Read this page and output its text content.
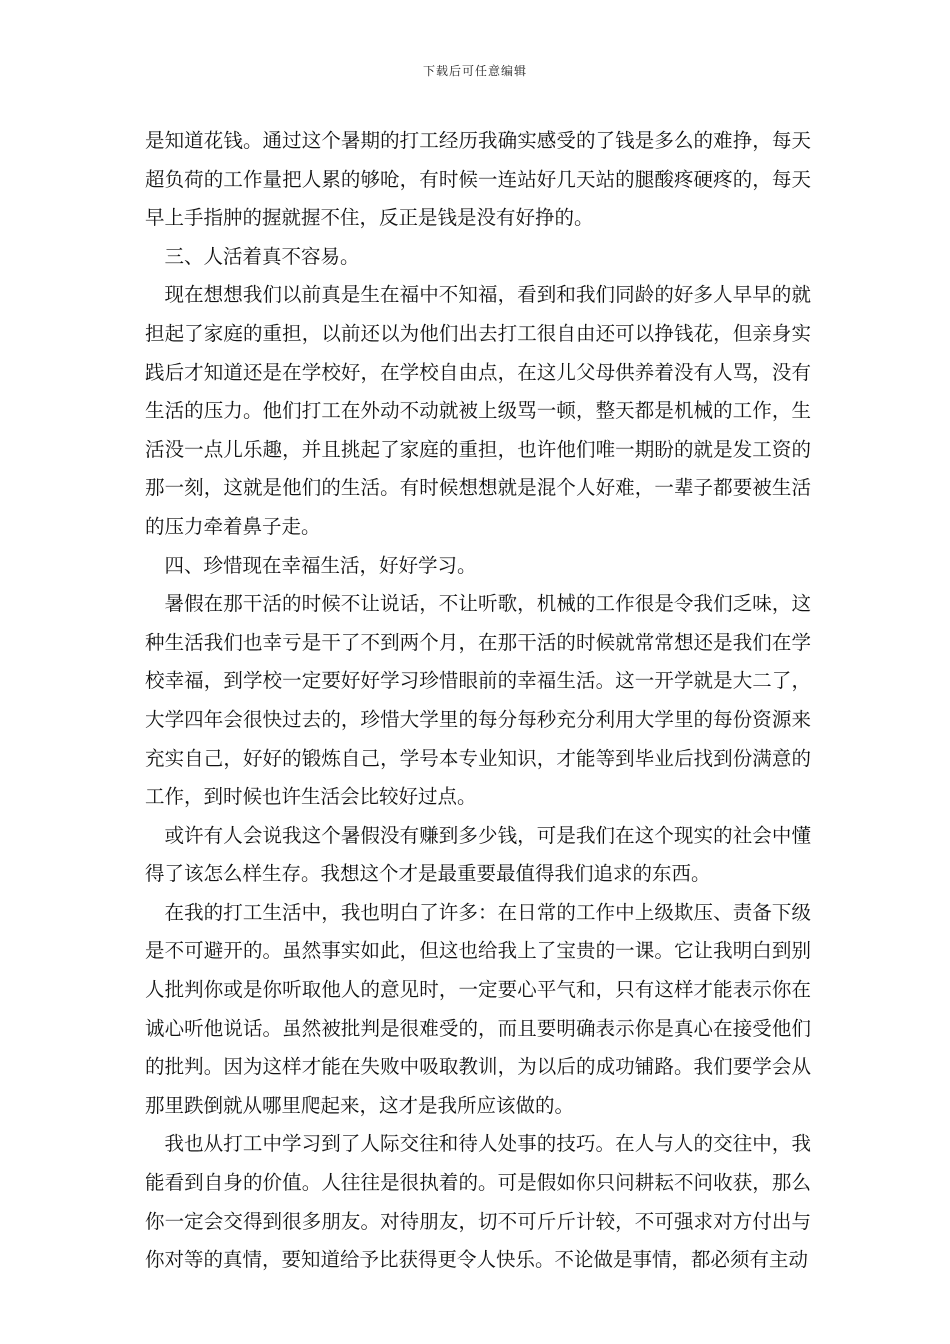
下载后可任意编辑

是知道花钱。通过这个暑期的打工经历我确实感受的了钱是多么的难挣，每天超负荷的工作量把人累的够呛，有时候一连站好几天站的腿酸疼硬疼的，每天早上手指肿的握就握不住，反正是钱是没有好挣的。

三、人活着真不容易。

现在想想我们以前真是生在福中不知福，看到和我们同龄的好多人早早的就担起了家庭的重担，以前还以为他们出去打工很自由还可以挣钱花，但亲身实践后才知道还是在学校好，在学校自由点，在这儿父母供养着没有人骂，没有生活的压力。他们打工在外动不动就被上级骂一顿，整天都是机械的工作，生活没一点儿乐趣，并且挑起了家庭的重担，也许他们唯一期盼的就是发工资的那一刻，这就是他们的生活。有时候想想就是混个人好难，一辈子都要被生活的压力牵着鼻子走。

四、珍惜现在幸福生活，好好学习。

暑假在那干活的时候不让说话，不让听歌，机械的工作很是令我们乏味，这种生活我们也幸亏是干了不到两个月，在那干活的时候就常常想还是我们在学校幸福，到学校一定要好好学习珍惜眼前的幸福生活。这一开学就是大二了，大学四年会很快过去的，珍惜大学里的每分每秒充分利用大学里的每份资源来充实自己，好好的锻炼自己，学号本专业知识，才能等到毕业后找到份满意的工作，到时候也许生活会比较好过点。

或许有人会说我这个暑假没有赚到多少钱，可是我们在这个现实的社会中懂得了该怎么样生存。我想这个才是最重要最值得我们追求的东西。

在我的打工生活中，我也明白了许多：在日常的工作中上级欺压、责备下级是不可避开的。虽然事实如此，但这也给我上了宝贵的一课。它让我明白到别人批判你或是你听取他人的意见时，一定要心平气和，只有这样才能表示你在诚心听他说话。虽然被批判是很难受的，而且要明确表示你是真心在接受他们的批判。因为这样才能在失败中吸取教训，为以后的成功铺路。我们要学会从那里跌倒就从哪里爬起来，这才是我所应该做的。

我也从打工中学习到了人际交往和待人处事的技巧。在人与人的交往中，我能看到自身的价值。人往往是很执着的。可是假如你只问耕耘不问收获，那么你一定会交得到很多朋友。对待朋友，切不可斤斤计较，不可强求对方付出与你对等的真情，要知道给予比获得更令人快乐。不论做是事情，都必须有主动
